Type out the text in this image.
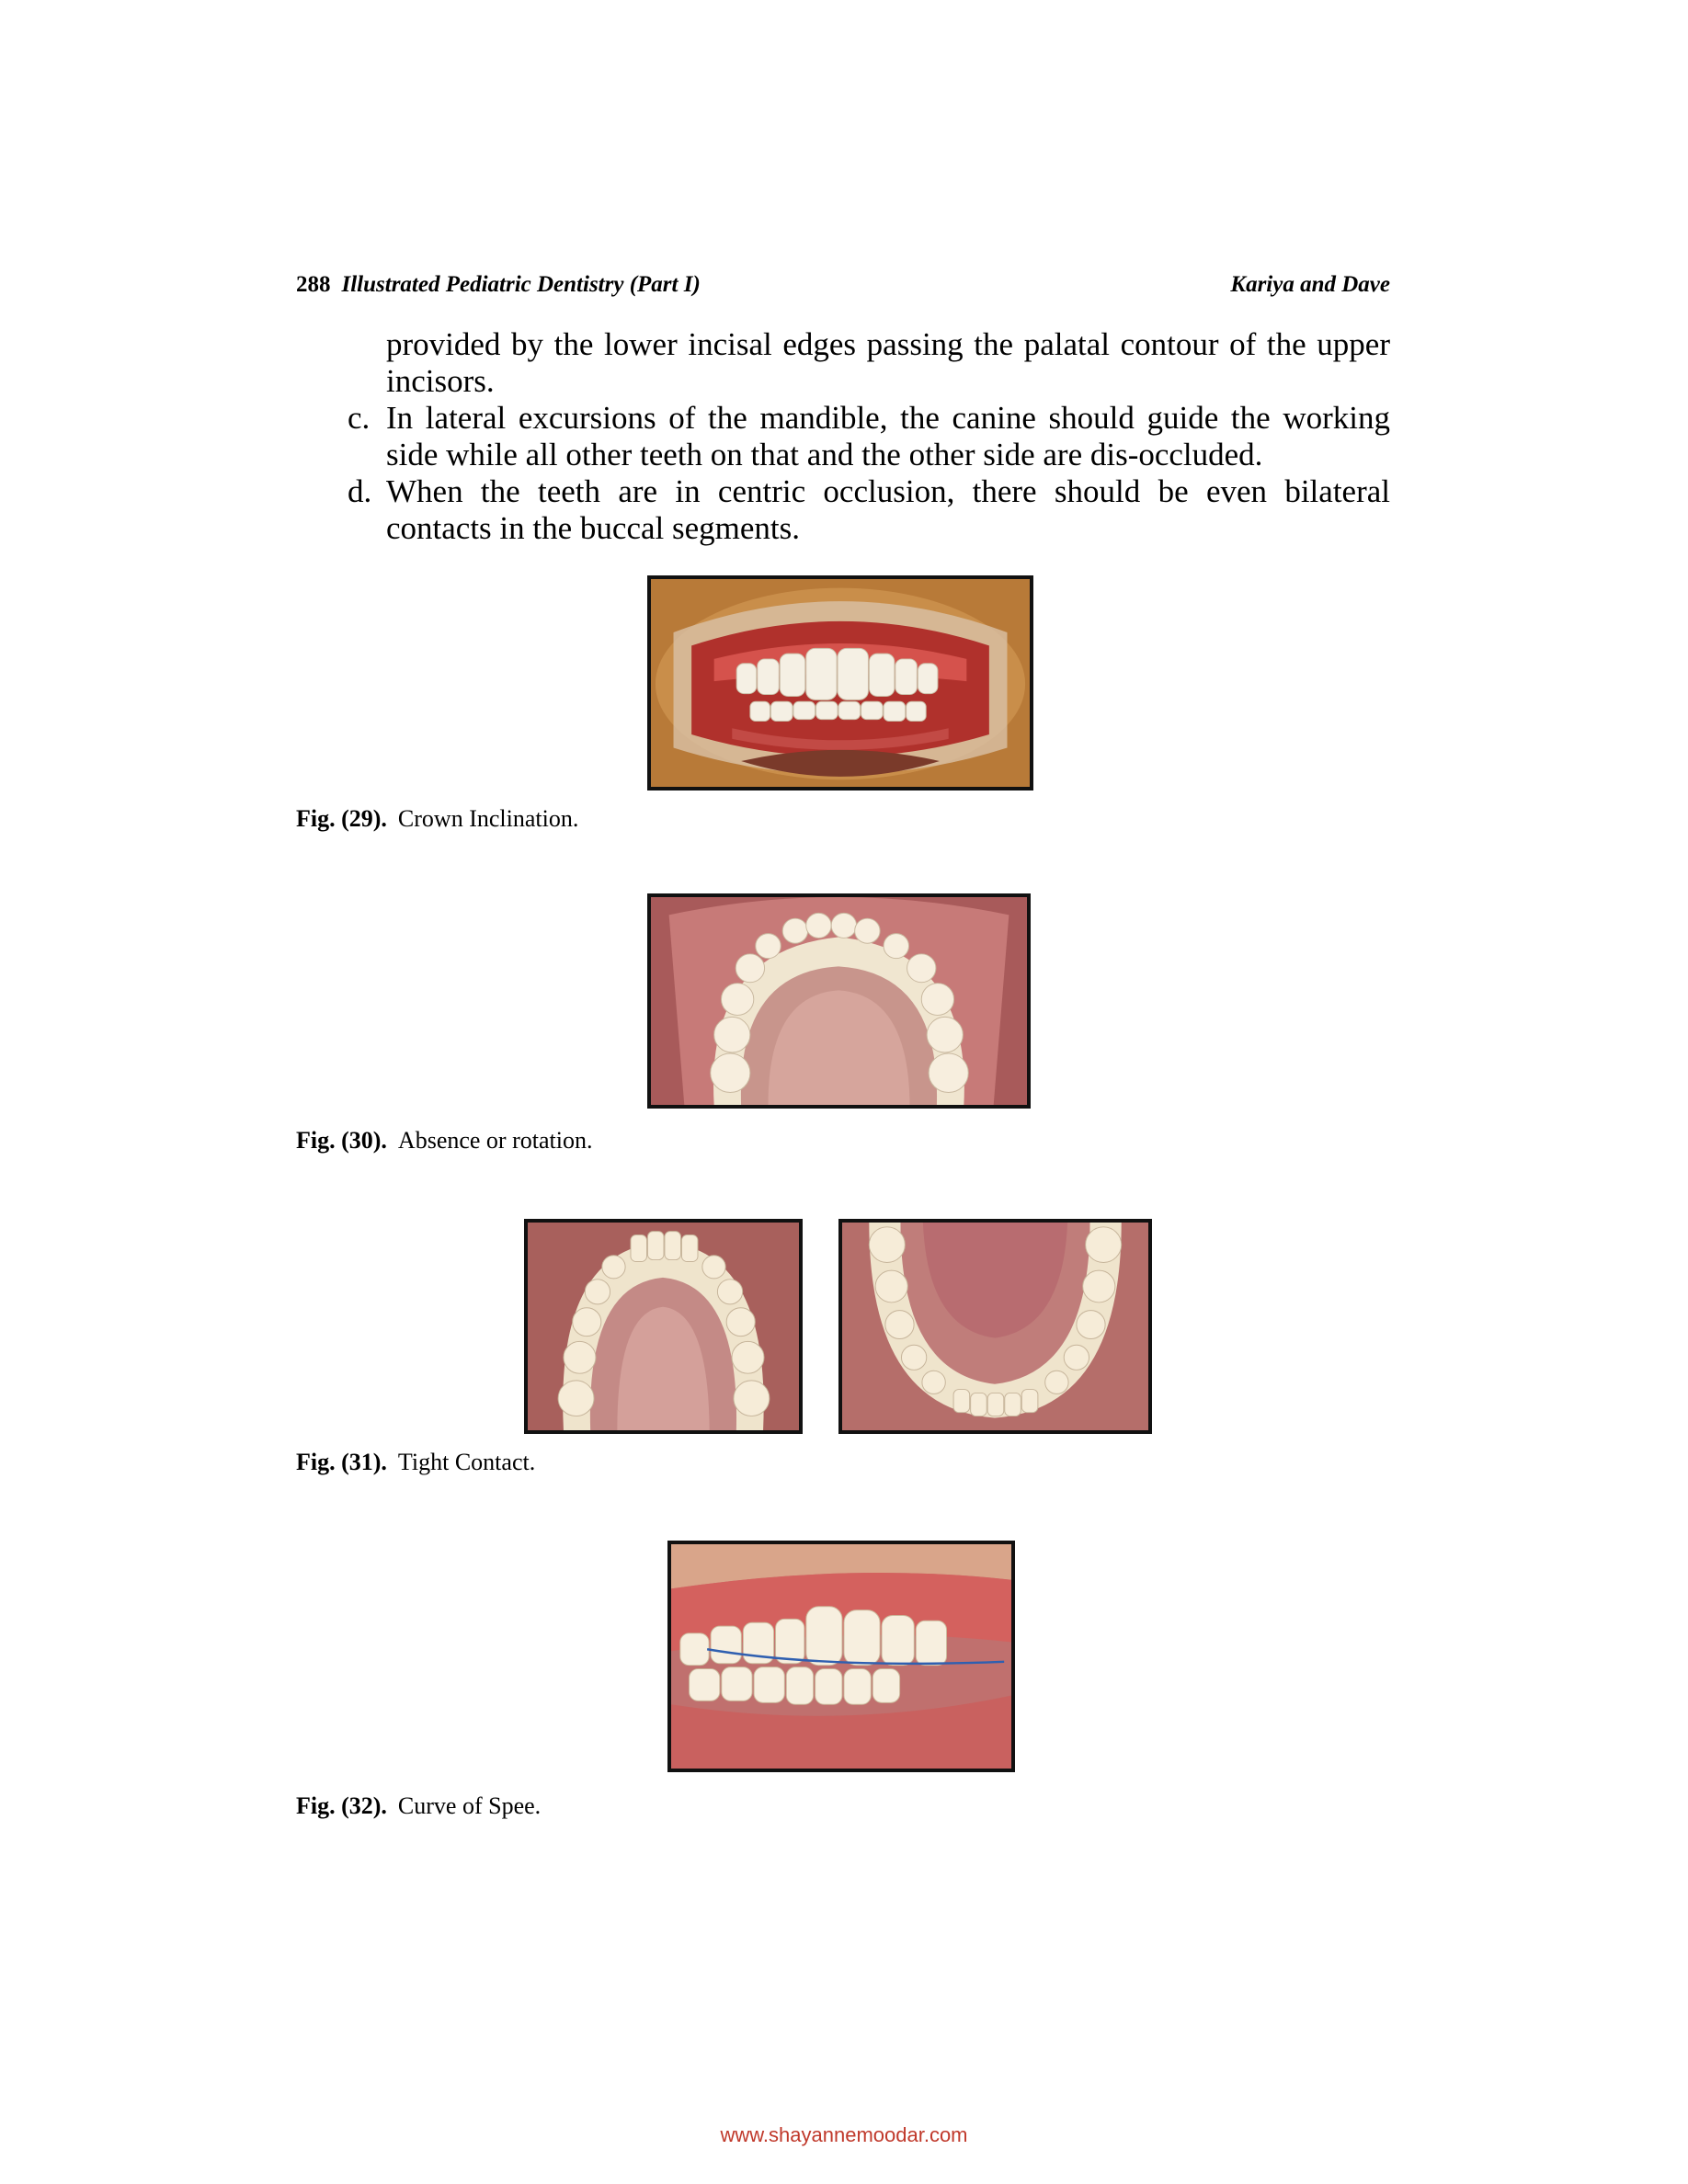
288 Illustrated Pediatric Dentistry (Part I)	Kariya and Dave

provided by the lower incisal edges passing the palatal contour of the upper incisors.

c. In lateral excursions of the mandible, the canine should guide the working side while all other teeth on that and the other side are dis-occluded.

d. When the teeth are in centric occlusion, there should be even bilateral contacts in the buccal segments.

Fig. (29). Crown Inclination.
Fig. (30). Absence or rotation.
Fig. (31). Tight Contact.
Fig. (32). Curve of Spee.
www.shayannemoodar.com
